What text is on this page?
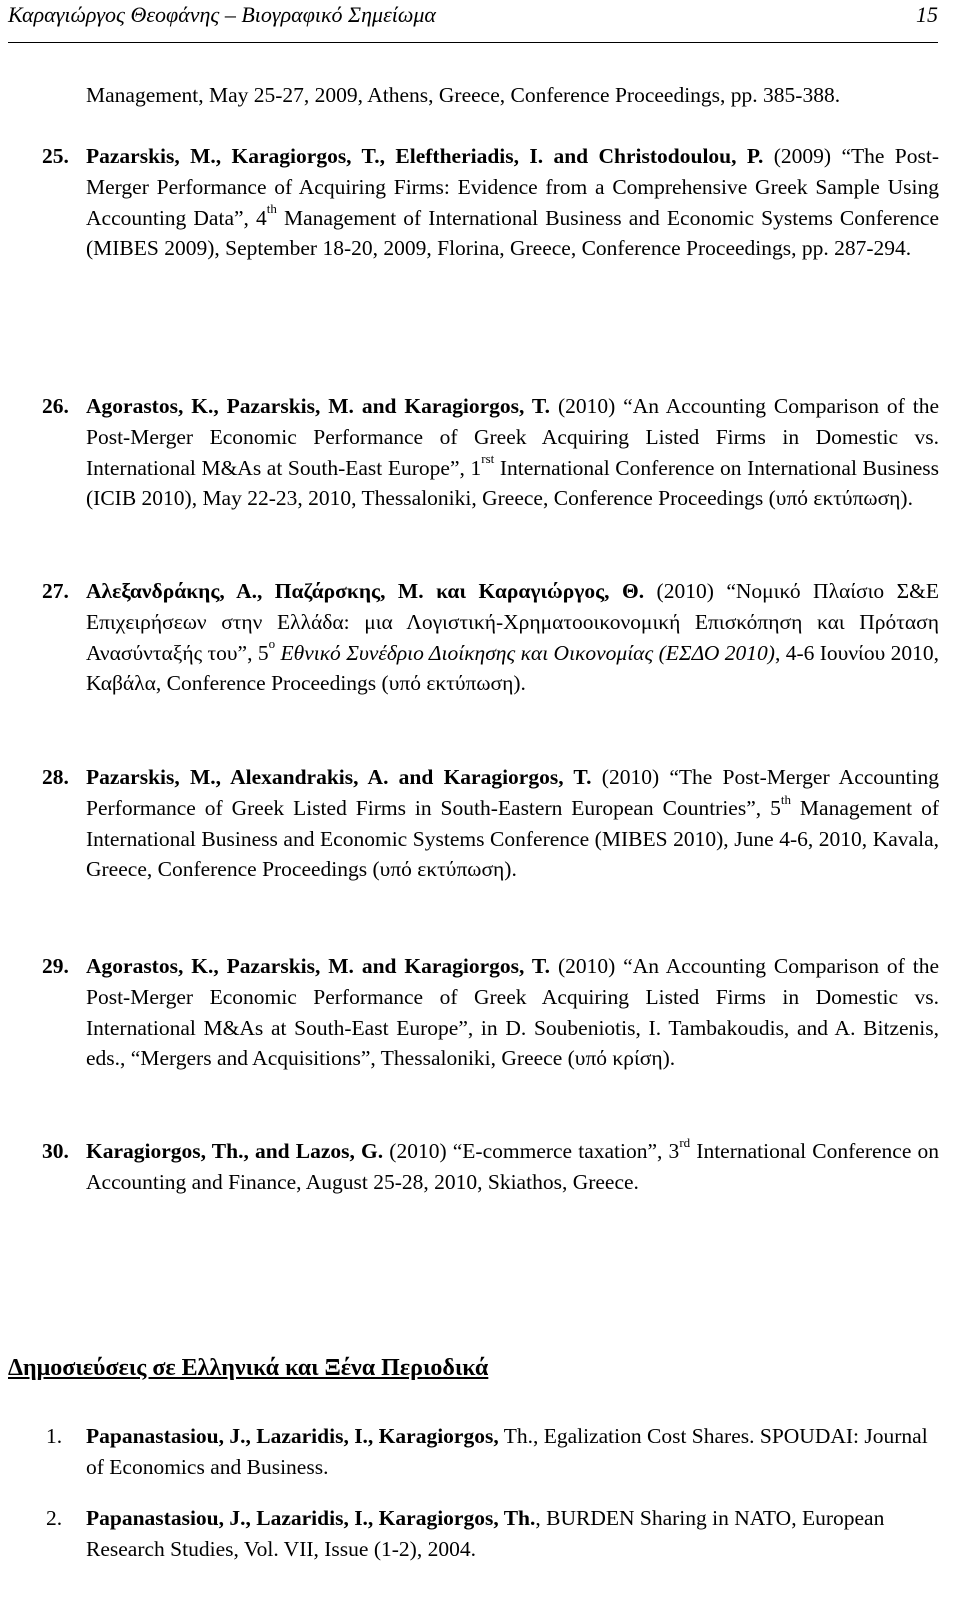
Καραγιώργος Θεοφάνης – Βιογραφικό Σημείωμα	15
Management, May 25-27, 2009, Athens, Greece, Conference Proceedings, pp. 385-388.
25. Pazarskis, M., Karagiorgos, T., Eleftheriadis, I. and Christodoulou, P. (2009) “The Post-Merger Performance of Acquiring Firms: Evidence from a Comprehensive Greek Sample Using Accounting Data”, 4th Management of International Business and Economic Systems Conference (MIBES 2009), September 18-20, 2009, Florina, Greece, Conference Proceedings, pp. 287-294.
26. Agorastos, K., Pazarskis, M. and Karagiorgos, T. (2010) “An Accounting Comparison of the Post-Merger Economic Performance of Greek Acquiring Listed Firms in Domestic vs. International M&As at South-East Europe”, $1^{rst}$ International Conference on International Business (ICIB 2010), May 22-23, 2010, Thessaloniki, Greece, Conference Proceedings (υπό εκτύπωση).
27. Αλεξανδράκης, Α., Παζάρσκης, Μ. και Καραγιώργος, Θ. (2010) “Νομικό Πλαίσιο Σ&Ε Επιχειρήσεων στην Ελλάδα: μια Λογιστική-Χρηματοοικονομική Επισκόπηση και Πρόταση Ανασύνταξής του”, $5^o$ Εθνικό Συνέδριο Διοίκησης και Οικονομίας (ΕΣΔΟ 2010), 4-6 Ιουνίου 2010, Καβάλα, Conference Proceedings (υπό εκτύπωση).
28. Pazarskis, M., Alexandrakis, A. and Karagiorgos, T. (2010) “The Post-Merger Accounting Performance of Greek Listed Firms in South-Eastern European Countries”, 5th Management of International Business and Economic Systems Conference (MIBES 2010), June 4-6, 2010, Kavala, Greece, Conference Proceedings (υπό εκτύπωση).
29. Agorastos, K., Pazarskis, M. and Karagiorgos, T. (2010) “An Accounting Comparison of the Post-Merger Economic Performance of Greek Acquiring Listed Firms in Domestic vs. International M&As at South-East Europe”, in D. Soubeniotis, I. Tambakoudis, and A. Bitzenis, eds., “Mergers and Acquisitions”, Thessaloniki, Greece (υπό κρίση).
30. Karagiorgos, Th., and Lazos, G. (2010) “E-commerce taxation”, 3rd International Conference on Accounting and Finance, August 25-28, 2010, Skiathos, Greece.
Δημοσιεύσεις σε Ελληνικά και Ξένα Περιοδικά
1. Papanastasiou, J., Lazaridis, I., Karagiorgos, Th., Egalization Cost Shares. SPOUDAI: Journal of Economics and Business.
2. Papanastasiou, J., Lazaridis, I., Karagiorgos, Th., BURDEN Sharing in NATO, European Research Studies, Vol. VII, Issue (1-2), 2004.
